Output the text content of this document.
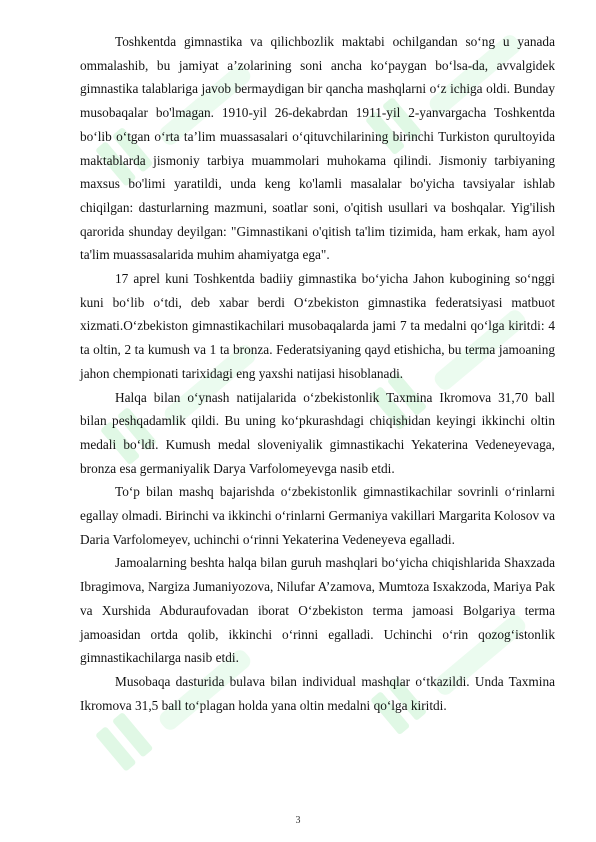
Toshkentda gimnastika va qilichbozlik maktabi ochilgandan so‘ng u yanada ommalashib, bu jamiyat a’zolarining soni ancha ko‘paygan bo‘lsa-da, avvalgidek gimnastika talablariga javob bermaydigan bir qancha mashqlarni o‘z ichiga oldi. Bunday musobaqalar bo'lmagan. 1910-yil 26-dekabrdan 1911-yil 2-yanvargacha Toshkentda bo‘lib o‘tgan o‘rta ta’lim muassasalari o‘qituvchilarining birinchi Turkiston qurultoyida maktablarda jismoniy tarbiya muammolari muhokama qilindi. Jismoniy tarbiyaning maxsus bo'limi yaratildi, unda keng ko'lamli masalalar bo'yicha tavsiyalar ishlab chiqilgan: dasturlarning mazmuni, soatlar soni, o'qitish usullari va boshqalar. Yig'ilish qarorida shunday deyilgan: "Gimnastikani o'qitish ta'lim tizimida, ham erkak, ham ayol ta'lim muassasalarida muhim ahamiyatga ega".

17 aprel kuni Toshkentda badiiy gimnastika bo‘yicha Jahon kubogining so‘nggi kuni bo‘lib o‘tdi, deb xabar berdi O‘zbekiston gimnastika federatsiyasi matbuot xizmati.O‘zbekiston gimnastikachilari musobaqalarda jami 7 ta medalni qo‘lga kiritdi: 4 ta oltin, 2 ta kumush va 1 ta bronza. Federatsiyaning qayd etishicha, bu terma jamoaning jahon chempionati tarixidagi eng yaxshi natijasi hisoblanadi.

Halqa bilan o‘ynash natijalarida o‘zbekistonlik Taxmina Ikromova 31,70 ball bilan peshqadamlik qildi. Bu uning ko‘pkurashdagi chiqishidan keyingi ikkinchi oltin medali bo‘ldi. Kumush medal sloveniyalik gimnastikachi Yekaterina Vedeneyevaga, bronza esa germaniyalik Darya Varfolomeyevga nasib etdi.

To‘p bilan mashq bajarishda o‘zbekistonlik gimnastikachilar sovrinli o‘rinlarni egallay olmadi. Birinchi va ikkinchi o‘rinlarni Germaniya vakillari Margarita Kolosov va Daria Varfolomeyev, uchinchi o‘rinni Yekaterina Vedeneyeva egalladi.

Jamoalarning beshta halqa bilan guruh mashqlari bo‘yicha chiqishlarida Shaxzada Ibragimova, Nargiza Jumaniyozova, Nilufar A’zamova, Mumtoza Isxakzoda, Mariya Pak va Xurshida Abduraufovadan iborat O‘zbekiston terma jamoasi Bolgariya terma jamoasidan ortda qolib, ikkinchi o‘rinni egalladi. Uchinchi o‘rin qozog‘istonlik gimnastikachilarga nasib etdi.

Musobaqa dasturida bulava bilan individual mashqlar o‘tkazildi. Unda Taxmina Ikromova 31,5 ball to‘plagan holda yana oltin medalni qo‘lga kiritdi.

3
